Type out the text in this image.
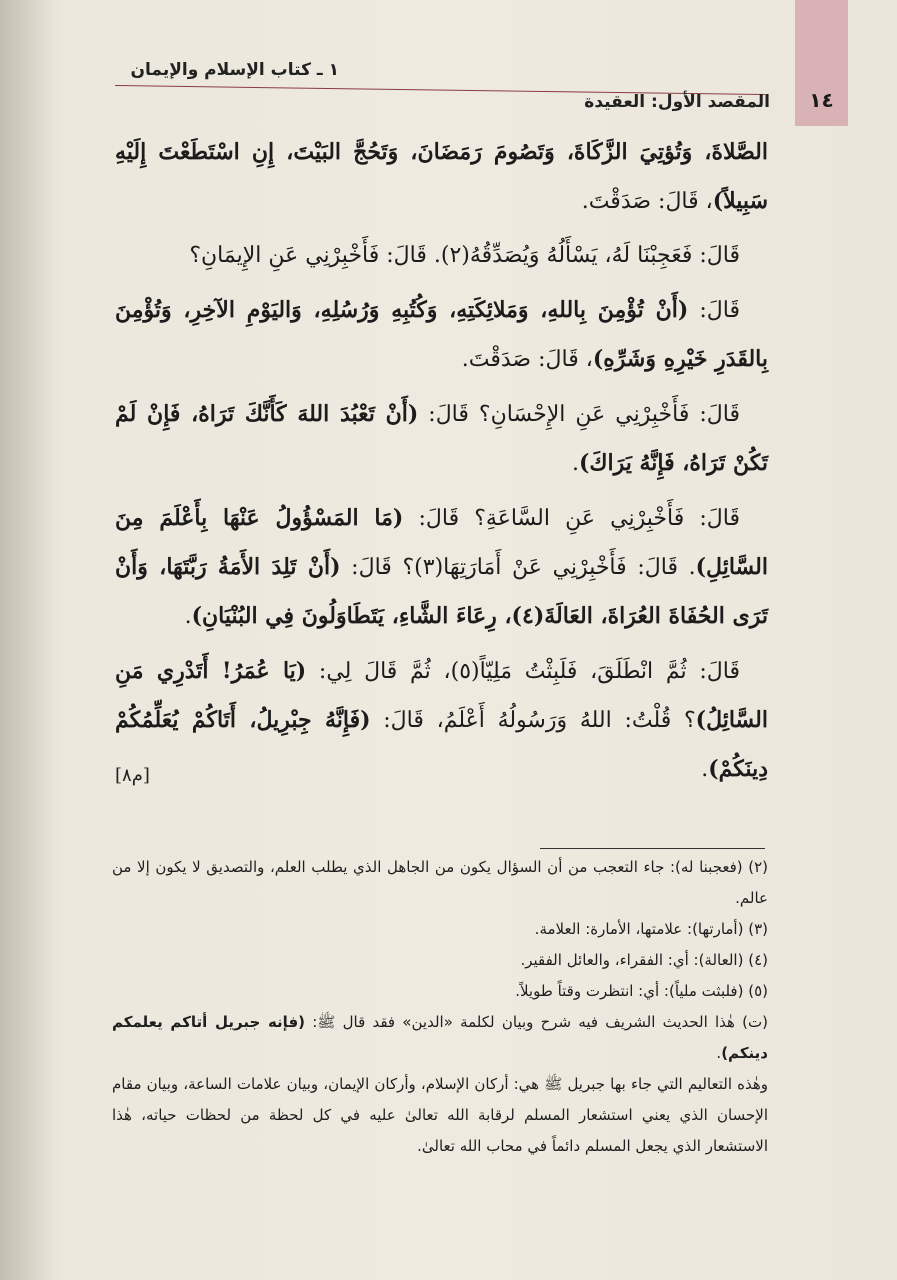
١٤
١ ـ كتاب الإسلام والإيمان
المقصد الأول: العقيدة

الصَّلاةَ، وَتُؤتِيَ الزَّكَاةَ، وَتَصُومَ رَمَضَانَ، وَتَحُجَّ البَيْتَ، إِنِ اسْتَطَعْتَ إِلَيْهِ سَبِيلاً)، قَالَ: صَدَقْتَ.

قَالَ: فَعَجِبْنَا لَهُ، يَسْأَلُهُ وَيُصَدِّقُهُ(٢). قَالَ: فَأَخْبِرْنِي عَنِ الإِيمَانِ؟

قَالَ: (أَنْ تُؤْمِنَ بِاللهِ، وَمَلائِكَتِهِ، وَكُتُبِهِ وَرُسُلِهِ، وَاليَوْمِ الآخِرِ، وَتُؤْمِنَ بِالقَدَرِ خَيْرِهِ وَشَرِّهِ)، قَالَ: صَدَقْتَ.

قَالَ: فَأَخْبِرْنِي عَنِ الإِحْسَانِ؟ قَالَ: (أَنْ تَعْبُدَ اللهَ كَأَنَّكَ تَرَاهُ، فَإِنْ لَمْ تَكُنْ تَرَاهُ، فَإِنَّهُ يَرَاكَ).

قَالَ: فَأَخْبِرْنِي عَنِ السَّاعَةِ؟ قَالَ: (مَا المَسْؤُولُ عَنْهَا بِأَعْلَمَ مِنَ السَّائِلِ). قَالَ: فَأَخْبِرْنِي عَنْ أَمَارَتِهَا(٣)؟ قَالَ: (أَنْ تَلِدَ الأَمَةُ رَبَّتَهَا، وَأَنْ تَرَى الحُفَاةَ العُرَاةَ، العَالَةَ(٤)، رِعَاءَ الشَّاءِ، يَتَطَاوَلُونَ فِي البُنْيَانِ).

قَالَ: ثُمَّ انْطَلَقَ، فَلَبِثْتُ مَلِيّاً(٥)، ثُمَّ قَالَ لِي: (يَا عُمَرُ! أَتَدْرِي مَنِ السَّائِلُ)؟ قُلْتُ: اللهُ وَرَسُولُهُ أَعْلَمُ، قَالَ: (فَإِنَّهُ جِبْرِيلُ، أَتَاكُمْ يُعَلِّمُكُمْ دِينَكُمْ).

[م٨]

(٢) (فعجبنا له): جاء التعجب من أن السؤال يكون من الجاهل الذي يطلب العلم، والتصديق لا يكون إلا من عالم.

(٣) (أمارتها): علامتها، الأمارة: العلامة.

(٤) (العالة): أي: الفقراء، والعائل الفقير.

(٥) (فلبثت ملياً): أي: انتظرت وقتاً طويلاً.

(ت) هٰذا الحديث الشريف فيه شرح وبيان لكلمة «الدين» فقد قال ﷺ: (فإنه جبريل أتاكم يعلمكم دينكم).

وهٰذه التعاليم التي جاء بها جبريل ﷺ هي: أركان الإسلام، وأركان الإيمان، وبيان علامات الساعة، وبيان مقام الإحسان الذي يعني استشعار المسلم لرقابة الله تعالىٰ عليه في كل لحظة من لحظات حياته، هٰذا الاستشعار الذي يجعل المسلم دائماً في محاب الله تعالىٰ.
